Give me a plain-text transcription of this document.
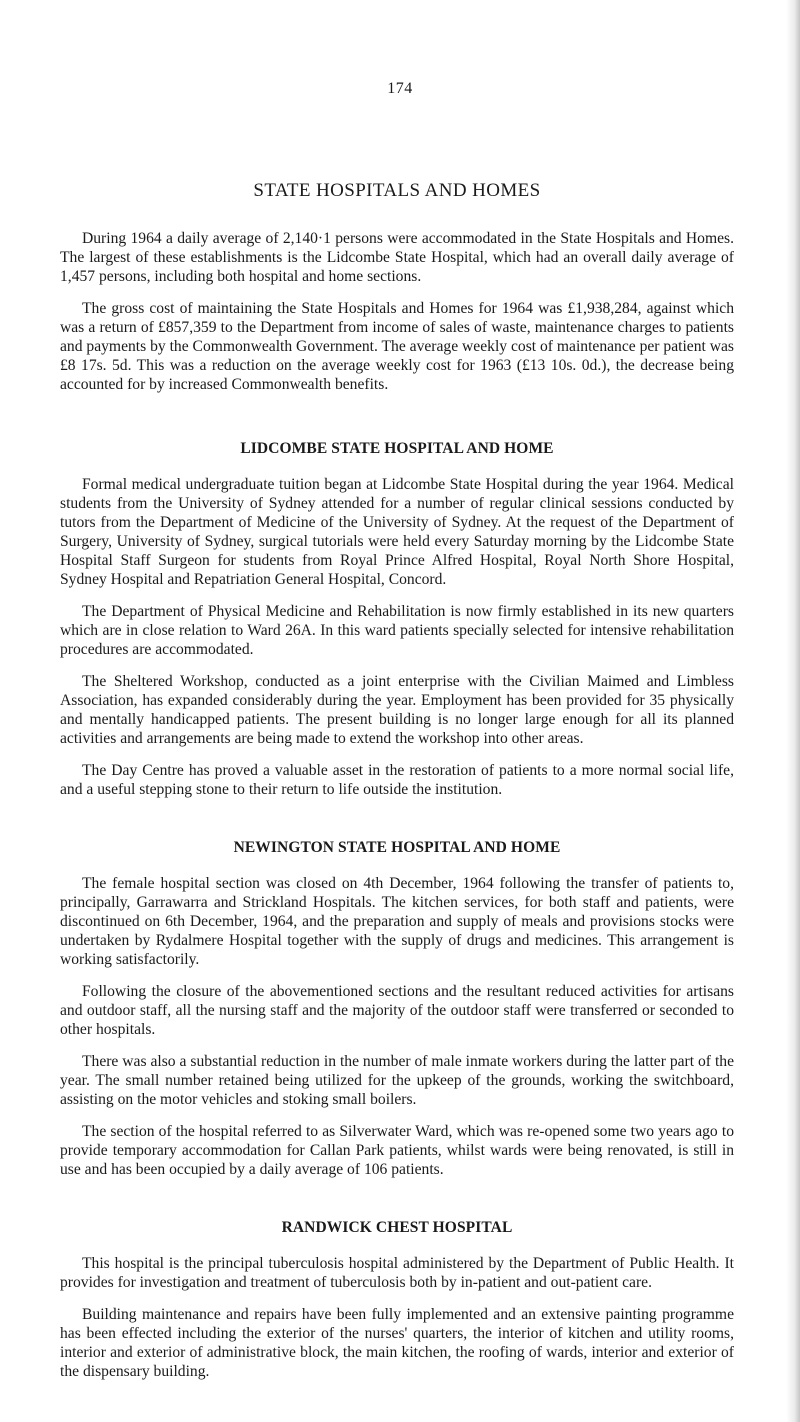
174
STATE HOSPITALS AND HOMES

During 1964 a daily average of 2,140·1 persons were accommodated in the State Hospitals and Homes. The largest of these establishments is the Lidcombe State Hospital, which had an overall daily average of 1,457 persons, including both hospital and home sections.

The gross cost of maintaining the State Hospitals and Homes for 1964 was £1,938,284, against which was a return of £857,359 to the Department from income of sales of waste, maintenance charges to patients and payments by the Commonwealth Government. The average weekly cost of maintenance per patient was £8 17s. 5d. This was a reduction on the average weekly cost for 1963 (£13 10s. 0d.), the decrease being accounted for by increased Commonwealth benefits.

LIDCOMBE STATE HOSPITAL AND HOME

Formal medical undergraduate tuition began at Lidcombe State Hospital during the year 1964. Medical students from the University of Sydney attended for a number of regular clinical sessions conducted by tutors from the Department of Medicine of the University of Sydney. At the request of the Department of Surgery, University of Sydney, surgical tutorials were held every Saturday morning by the Lidcombe State Hospital Staff Surgeon for students from Royal Prince Alfred Hospital, Royal North Shore Hospital, Sydney Hospital and Repatriation General Hospital, Concord.

The Department of Physical Medicine and Rehabilitation is now firmly established in its new quarters which are in close relation to Ward 26A. In this ward patients specially selected for intensive rehabilitation procedures are accommodated.

The Sheltered Workshop, conducted as a joint enterprise with the Civilian Maimed and Limbless Association, has expanded considerably during the year. Employment has been provided for 35 physically and mentally handicapped patients. The present building is no longer large enough for all its planned activities and arrangements are being made to extend the workshop into other areas.

The Day Centre has proved a valuable asset in the restoration of patients to a more normal social life, and a useful stepping stone to their return to life outside the institution.

NEWINGTON STATE HOSPITAL AND HOME

The female hospital section was closed on 4th December, 1964 following the transfer of patients to, principally, Garrawarra and Strickland Hospitals. The kitchen services, for both staff and patients, were discontinued on 6th December, 1964, and the preparation and supply of meals and provisions stocks were undertaken by Rydalmere Hospital together with the supply of drugs and medicines. This arrangement is working satisfactorily.

Following the closure of the abovementioned sections and the resultant reduced activities for artisans and outdoor staff, all the nursing staff and the majority of the outdoor staff were transferred or seconded to other hospitals.

There was also a substantial reduction in the number of male inmate workers during the latter part of the year. The small number retained being utilized for the upkeep of the grounds, working the switchboard, assisting on the motor vehicles and stoking small boilers.

The section of the hospital referred to as Silverwater Ward, which was re-opened some two years ago to provide temporary accommodation for Callan Park patients, whilst wards were being renovated, is still in use and has been occupied by a daily average of 106 patients.

RANDWICK CHEST HOSPITAL

This hospital is the principal tuberculosis hospital administered by the Department of Public Health. It provides for investigation and treatment of tuberculosis both by in-patient and out-patient care.

Building maintenance and repairs have been fully implemented and an extensive painting programme has been effected including the exterior of the nurses' quarters, the interior of kitchen and utility rooms, interior and exterior of administrative block, the main kitchen, the roofing of wards, interior and exterior of the dispensary building.
